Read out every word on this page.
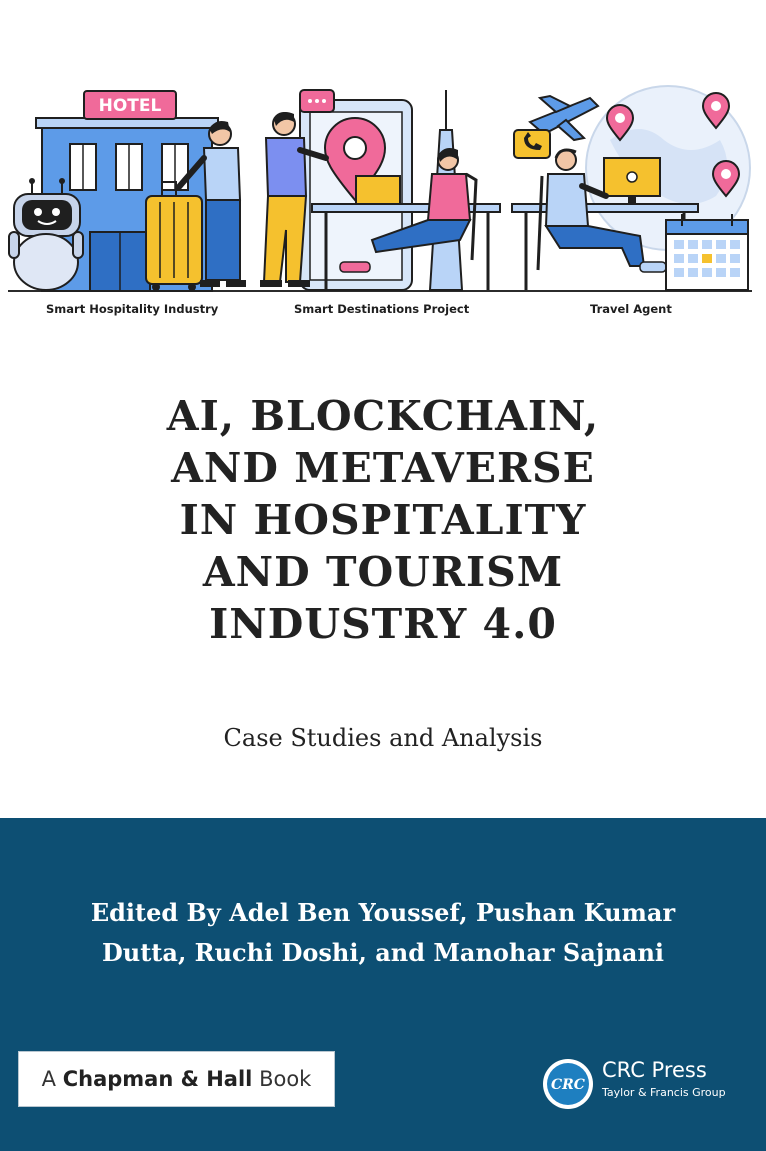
HOTEL
Smart Hospitality Industry	Smart Destinations Project	Travel Agent
AI, BLOCKCHAIN,
AND METAVERSE
IN HOSPITALITY
AND TOURISM
INDUSTRY 4.0
Case Studies and Analysis
Edited By Adel Ben Youssef, Pushan Kumar
Dutta, Ruchi Doshi, and Manohar Sajnani
A
Chapman & Hall
Book	CRC
CRC Press
Taylor & Francis Group
